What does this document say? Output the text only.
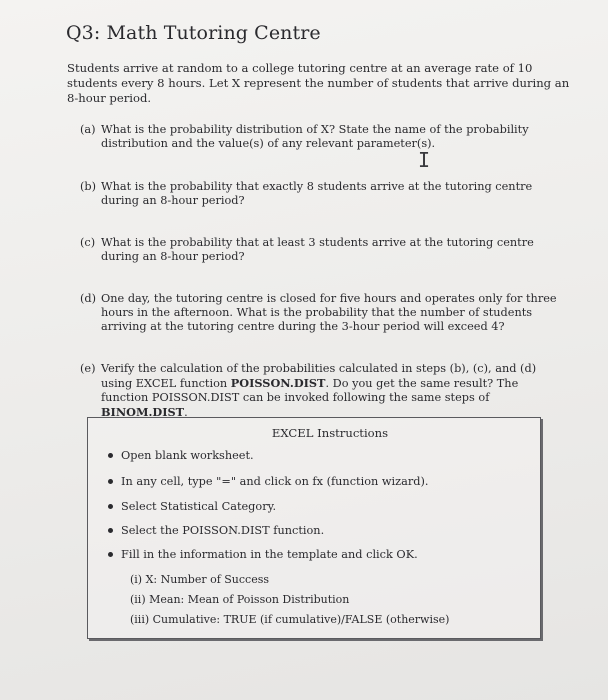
Q3: Math Tutoring Centre
Students arrive at random to a college tutoring centre at an average rate of 10 students every 8 hours. Let X represent the number of students that arrive during an 8-hour period.
(a) What is the probability distribution of X? State the name of the probability distribution and the value(s) of any relevant parameter(s).
I
(b) What is the probability that exactly 8 students arrive at the tutoring centre during an 8-hour period?
(c) What is the probability that at least 3 students arrive at the tutoring centre during an 8-hour period?
(d) One day, the tutoring centre is closed for five hours and operates only for three hours in the afternoon. What is the probability that the number of students arriving at the tutoring centre during the 3-hour period will exceed 4?
(e) Verify the calculation of the probabilities calculated in steps (b), (c), and (d) using EXCEL function POISSON.DIST. Do you get the same result? The function POISSON.DIST can be invoked following the same steps of BINOM.DIST.
EXCEL Instructions
Open blank worksheet.
In any cell, type "=" and click on fx (function wizard).
Select Statistical Category.
Select the POISSON.DIST function.
Fill in the information in the template and click OK.
(i) X: Number of Success
(ii) Mean: Mean of Poisson Distribution
(iii) Cumulative: TRUE (if cumulative)/FALSE (otherwise)
